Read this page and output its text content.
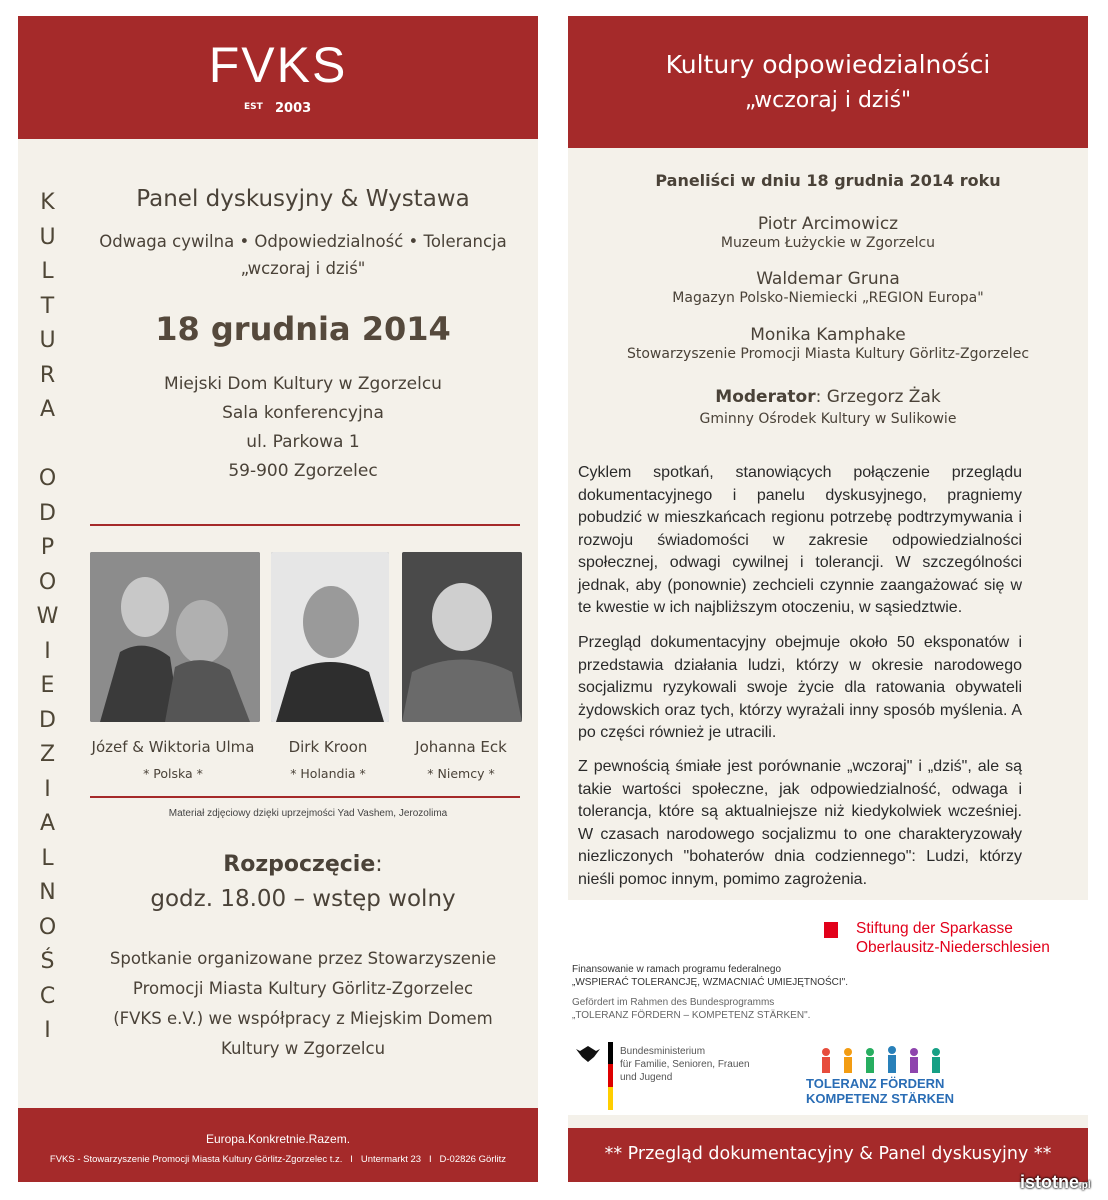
FVKS
EST 2003
Panel dyskusyjny & Wystawa
Odwaga cywilna • Odpowiedzialność • Tolerancja
„wczoraj i dziś"
18 grudnia 2014
Miejski Dom Kultury w Zgorzelcu
Sala konferencyjna
ul. Parkowa 1
59-900 Zgorzelec
Józef & Wiktoria Ulma
* Polska *
Dirk Kroon
* Holandia *
Johanna Eck
* Niemcy *
Materiał zdjęciowy dzięki uprzejmości Yad Vashem, Jerozolima
Rozpoczęcie:
godz. 18.00 – wstęp wolny
Spotkanie organizowane przez Stowarzyszenie
Promocji Miasta Kultury Görlitz-Zgorzelec
(FVKS e.V.) we współpracy z Miejskim Domem
Kultury w Zgorzelcu
Europa.Konkretnie.Razem.
FVKS - Stowarzyszenie Promocji Miasta Kultury Görlitz-Zgorzelec t.z.   I   Untermarkt 23   I   D-02826 Görlitz
K
U
L
T
U
R
A
O
D
P
O
W
I
E
D
Z
I
A
L
N
O
Ś
C
I
Kultury odpowiedzialności
„wczoraj i dziś"
Paneliści w dniu 18 grudnia 2014 roku
Piotr Arcimowicz
Muzeum Łużyckie w Zgorzelcu
Waldemar Gruna
Magazyn Polsko-Niemiecki „REGION Europa"
Monika Kamphake
Stowarzyszenie Promocji Miasta Kultury Görlitz-Zgorzelec
Moderator: Grzegorz Żak
Gminny Ośrodek Kultury w Sulikowie
Cyklem spotkań, stanowiących połączenie przeglądu dokumentacyjnego i panelu dyskusyjnego, pragniemy pobudzić w mieszkańcach regionu potrzebę podtrzymywania i rozwoju świadomości w zakresie odpowiedzialności społecznej, odwagi cywilnej i tolerancji. W szczególności jednak, aby (ponownie) zechcieli czynnie zaangażować się w te kwestie w ich najbliższym otoczeniu, w sąsiedztwie.
Przegląd dokumentacyjny obejmuje około 50 eksponatów i przedstawia działania ludzi, którzy w okresie narodowego socjalizmu ryzykowali swoje życie dla ratowania obywateli żydowskich oraz tych, którzy wyrażali inny sposób myślenia. A po części również je utracili.
Z pewnością śmiałe jest porównanie „wczoraj" i „dziś", ale są takie wartości społeczne, jak odpowiedzialność, odwaga i tolerancja, które są aktualniejsze niż kiedykolwiek wcześniej. W czasach narodowego socjalizmu to one charakteryzowały niezliczonych "bohaterów dnia codziennego": Ludzi, którzy nieśli pomoc innym, pomimo zagrożenia.
Stiftung der Sparkasse
Oberlausitz-Niederschlesien
Finansowanie w ramach programu federalnego
„WSPIERAĆ TOLERANCJĘ, WZMACNIAĆ UMIEJĘTNOŚCI".
Gefördert im Rahmen des Bundesprogramms
„TOLERANZ FÖRDERN – KOMPETENZ STÄRKEN".
Bundesministerium
für Familie, Senioren, Frauen
und Jugend	TOLERANZ FÖRDERN
KOMPETENZ STÄRKEN
** Przegląd dokumentacyjny & Panel dyskusyjny **
istotne.pl
